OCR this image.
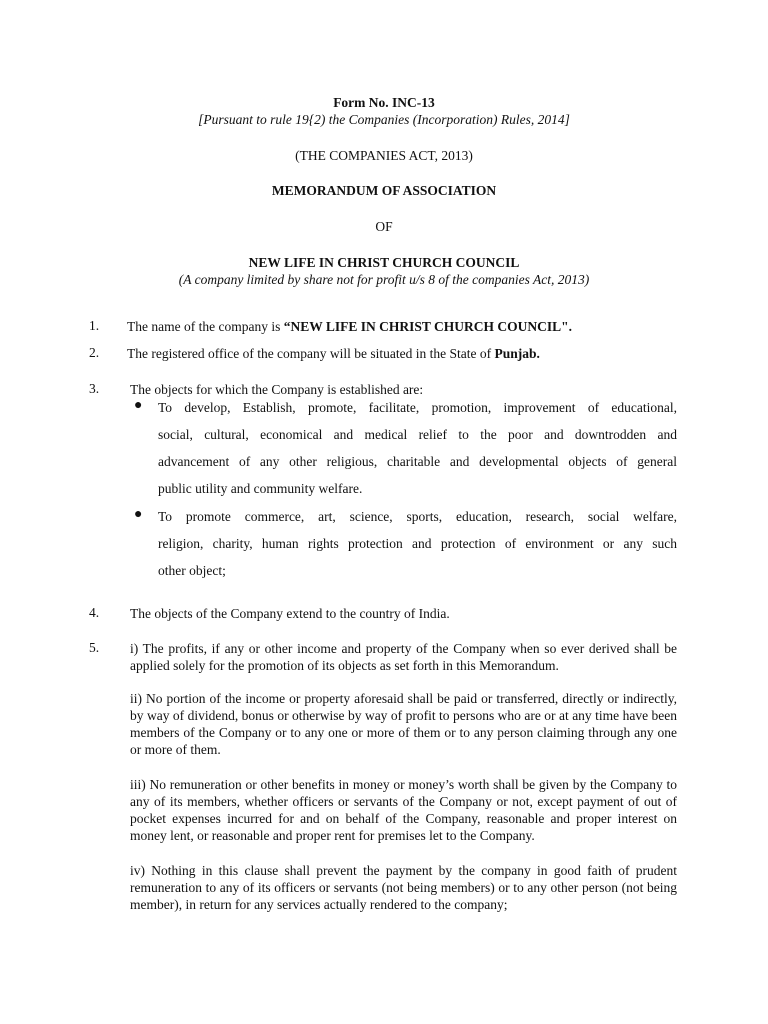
Form No. INC-13
[Pursuant to rule 19{2) the Companies (Incorporation) Rules, 2014]
(THE COMPANIES ACT, 2013)
MEMORANDUM OF ASSOCIATION
OF
NEW LIFE IN CHRIST CHURCH COUNCIL
(A company limited by share not for profit u/s 8 of the companies Act, 2013)
1.	The name of the company is “NEW LIFE IN CHRIST CHURCH COUNCIL".
2.	The registered office of the company will be situated in the State of Punjab.
3.	The objects for which the Company is established are:
● To develop, Establish, promote, facilitate, promotion, improvement of educational,
social, cultural, economical and medical relief to the poor and downtrodden and
advancement of any other religious, charitable and developmental objects of general
public utility and community welfare.
● To promote commerce, art, science, sports, education, research, social welfare,
religion, charity, human rights protection and protection of environment or any such
other object;
4.	The objects of the Company extend to the country of India.
5.	i) The profits, if any or other income and property of the Company when so ever derived shall be applied solely for the promotion of its objects as set forth in this Memorandum.
ii) No portion of the income or property aforesaid shall be paid or transferred, directly or indirectly, by way of dividend, bonus or otherwise by way of profit to persons who are or at any time have been members of the Company or to any one or more of them or to any person claiming through any one or more of them.
iii) No remuneration or other benefits in money or money’s worth shall be given by the Company to any of its members, whether officers or servants of the Company or not, except payment of out of pocket expenses incurred for and on behalf of the Company, reasonable and proper interest on money lent, or reasonable and proper rent for premises let to the Company.
iv) Nothing in this clause shall prevent the payment by the company in good faith of prudent remuneration to any of its officers or servants (not being members) or to any other person (not being member), in return for any services actually rendered to the company;
